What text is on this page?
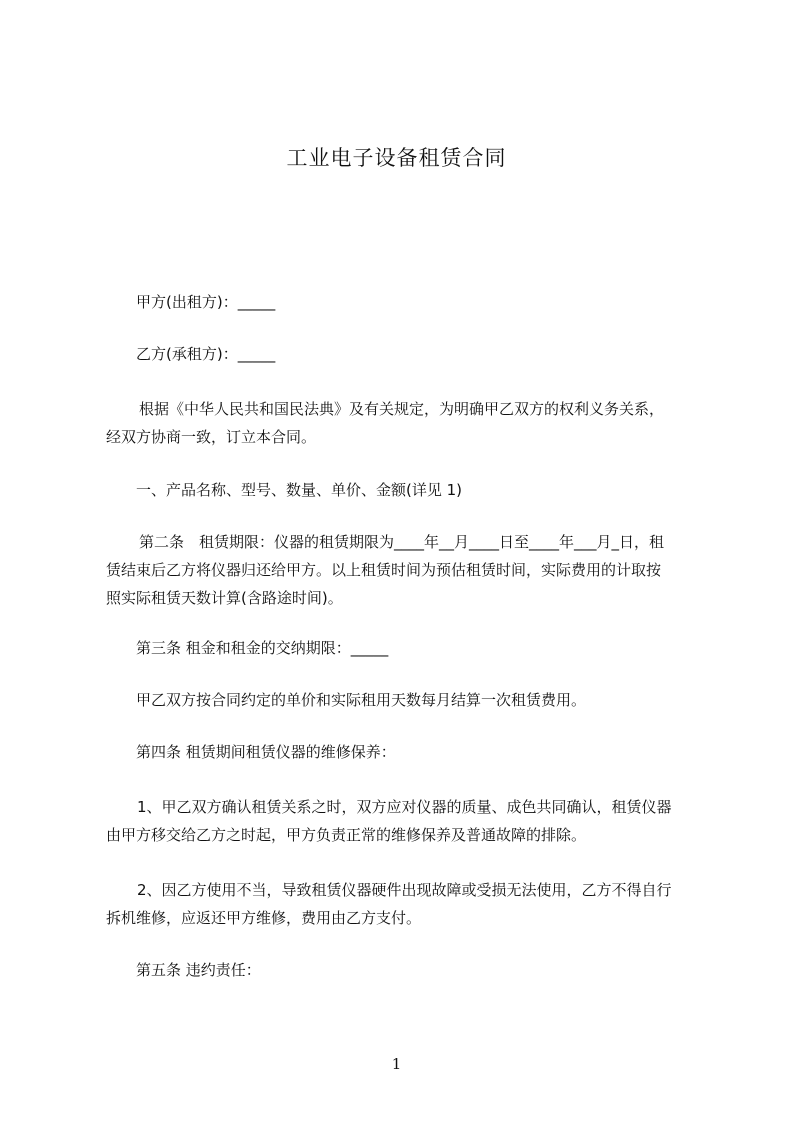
工业电子设备租赁合同
甲方(出租方)：_____
乙方(承租方)：_____
根据《中华人民共和国民法典》及有关规定，为明确甲乙双方的权利义务关系，
经双方协商一致，订立本合同。
一、产品名称、型号、数量、单价、金额(详见 1)
第二条　租赁期限：仪器的租赁期限为____年__月____日至____年___月_日，租
赁结束后乙方将仪器归还给甲方。以上租赁时间为预估租赁时间，实际费用的计取按
照实际租赁天数计算(含路途时间)。
第三条 租金和租金的交纳期限：_____
甲乙双方按合同约定的单价和实际租用天数每月结算一次租赁费用。
第四条 租赁期间租赁仪器的维修保养：
1、甲乙双方确认租赁关系之时，双方应对仪器的质量、成色共同确认，租赁仪器
由甲方移交给乙方之时起，甲方负责正常的维修保养及普通故障的排除。
2、因乙方使用不当，导致租赁仪器硬件出现故障或受损无法使用，乙方不得自行
拆机维修，应返还甲方维修，费用由乙方支付。
第五条 违约责任：
1
